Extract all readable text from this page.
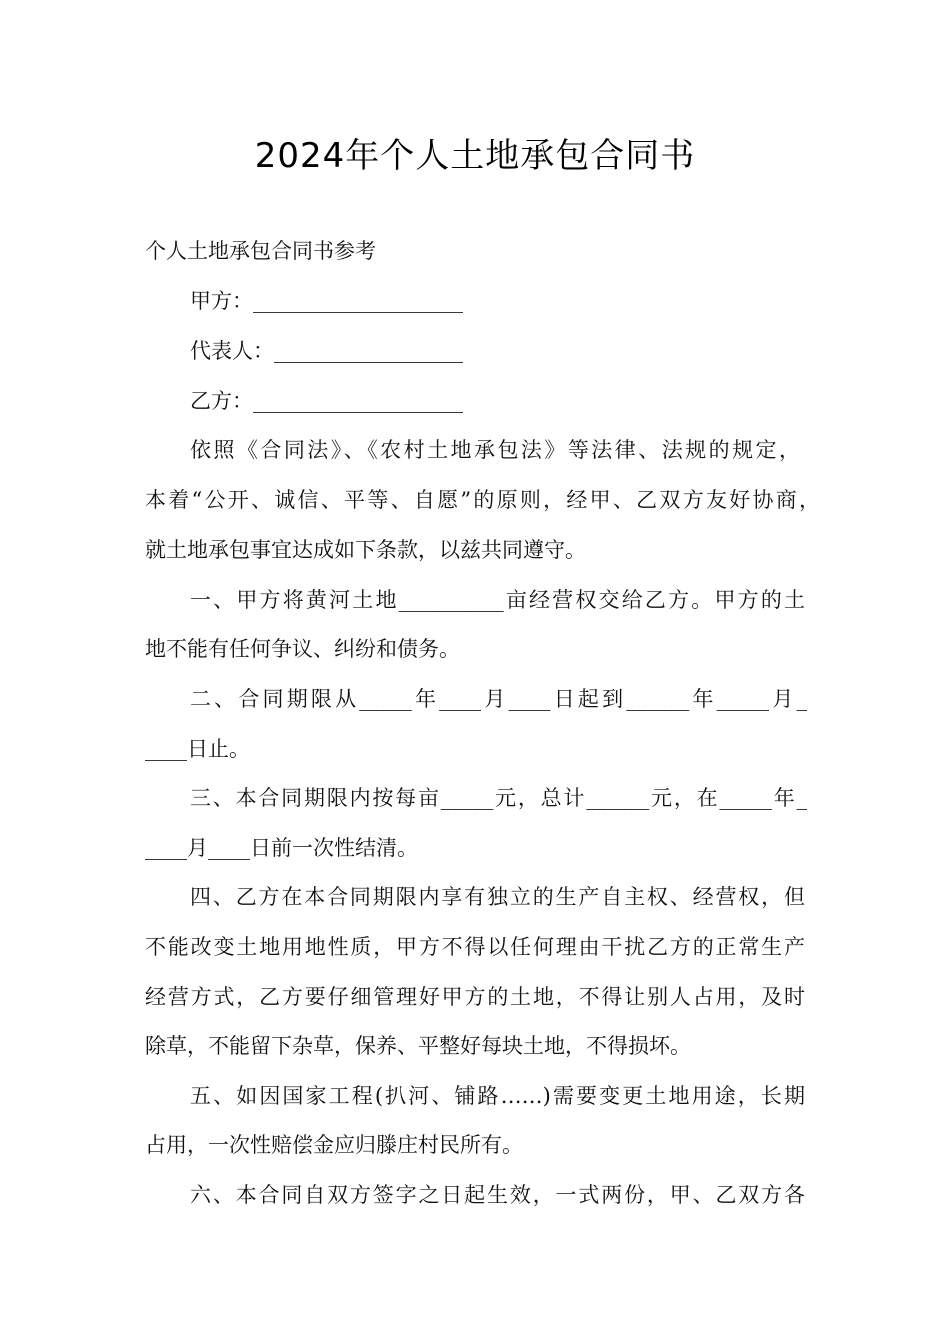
2024年个人土地承包合同书
个人土地承包合同书参考
甲方：____________________
代表人：__________________
乙方：____________________
依照《合同法》、《农村土地承包法》等法律、法规的规定，
本着“公开、诚信、平等、自愿”的原则，经甲、乙双方友好协商，
就土地承包事宜达成如下条款，以兹共同遵守。
一、甲方将黄河土地__________亩经营权交给乙方。甲方的土
地不能有任何争议、纠纷和债务。
二、合同期限从_____年____月____日起到______年_____月_
____日止。
三、本合同期限内按每亩_____元，总计______元，在_____年_
____月____日前一次性结清。
四、乙方在本合同期限内享有独立的生产自主权、经营权，但
不能改变土地用地性质，甲方不得以任何理由干扰乙方的正常生产
经营方式，乙方要仔细管理好甲方的土地，不得让别人占用，及时
除草，不能留下杂草，保养、平整好每块土地，不得损坏。
五、如因国家工程(扒河、铺路……)需要变更土地用途，长期
占用，一次性赔偿金应归滕庄村民所有。
六、本合同自双方签字之日起生效，一式两份，甲、乙双方各
